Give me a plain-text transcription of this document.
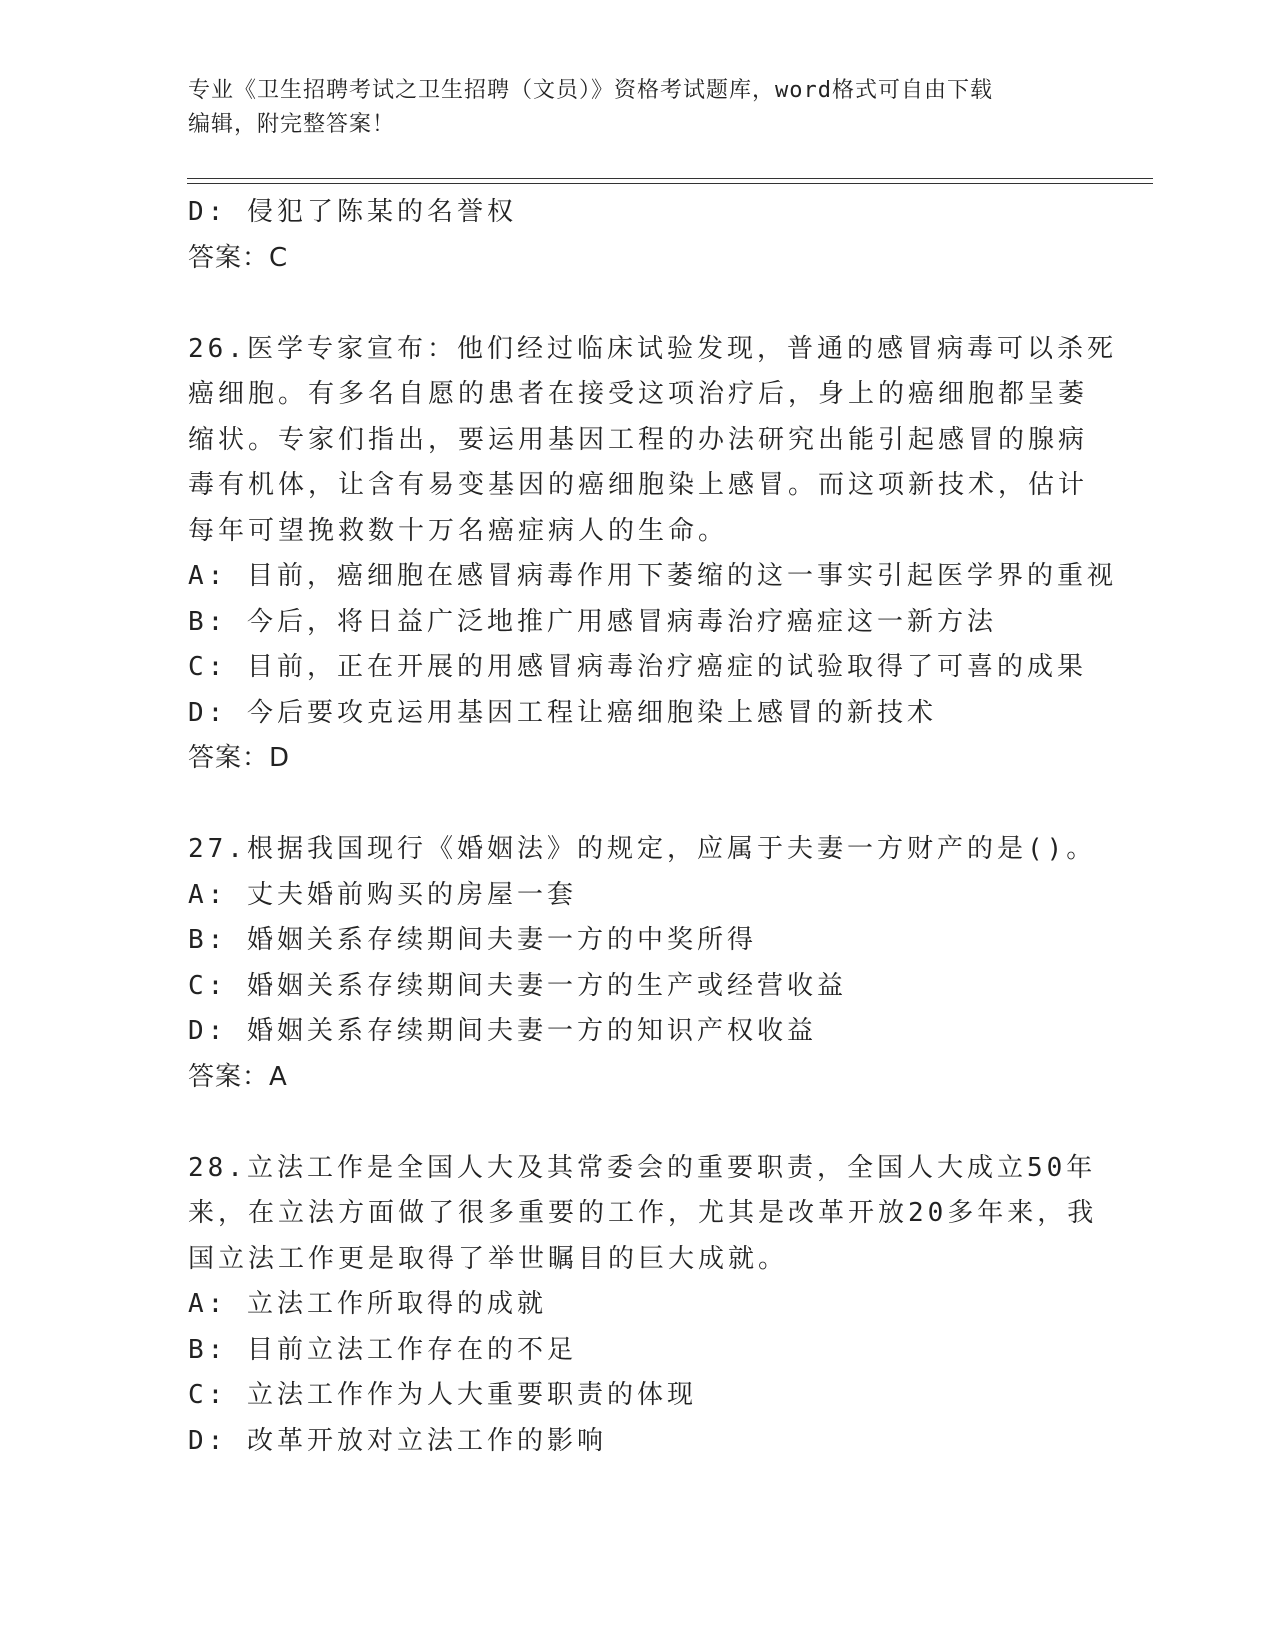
专业《卫生招聘考试之卫生招聘（文员）》资格考试题库，word格式可自由下载
编辑，附完整答案！
D: 侵犯了陈某的名誉权
答案：C
26.医学专家宣布：他们经过临床试验发现，普通的感冒病毒可以杀死
癌细胞。有多名自愿的患者在接受这项治疗后，身上的癌细胞都呈萎
缩状。专家们指出，要运用基因工程的办法研究出能引起感冒的腺病
毒有机体，让含有易变基因的癌细胞染上感冒。而这项新技术，估计
每年可望挽救数十万名癌症病人的生命。
A: 目前，癌细胞在感冒病毒作用下萎缩的这一事实引起医学界的重视
B: 今后，将日益广泛地推广用感冒病毒治疗癌症这一新方法
C: 目前，正在开展的用感冒病毒治疗癌症的试验取得了可喜的成果
D: 今后要攻克运用基因工程让癌细胞染上感冒的新技术
答案：D
27.根据我国现行《婚姻法》的规定，应属于夫妻一方财产的是()。
A: 丈夫婚前购买的房屋一套
B: 婚姻关系存续期间夫妻一方的中奖所得
C: 婚姻关系存续期间夫妻一方的生产或经营收益
D: 婚姻关系存续期间夫妻一方的知识产权收益
答案：A
28.立法工作是全国人大及其常委会的重要职责，全国人大成立50年
来，在立法方面做了很多重要的工作，尤其是改革开放20多年来，我
国立法工作更是取得了举世瞩目的巨大成就。
A: 立法工作所取得的成就
B: 目前立法工作存在的不足
C: 立法工作作为人大重要职责的体现
D: 改革开放对立法工作的影响
